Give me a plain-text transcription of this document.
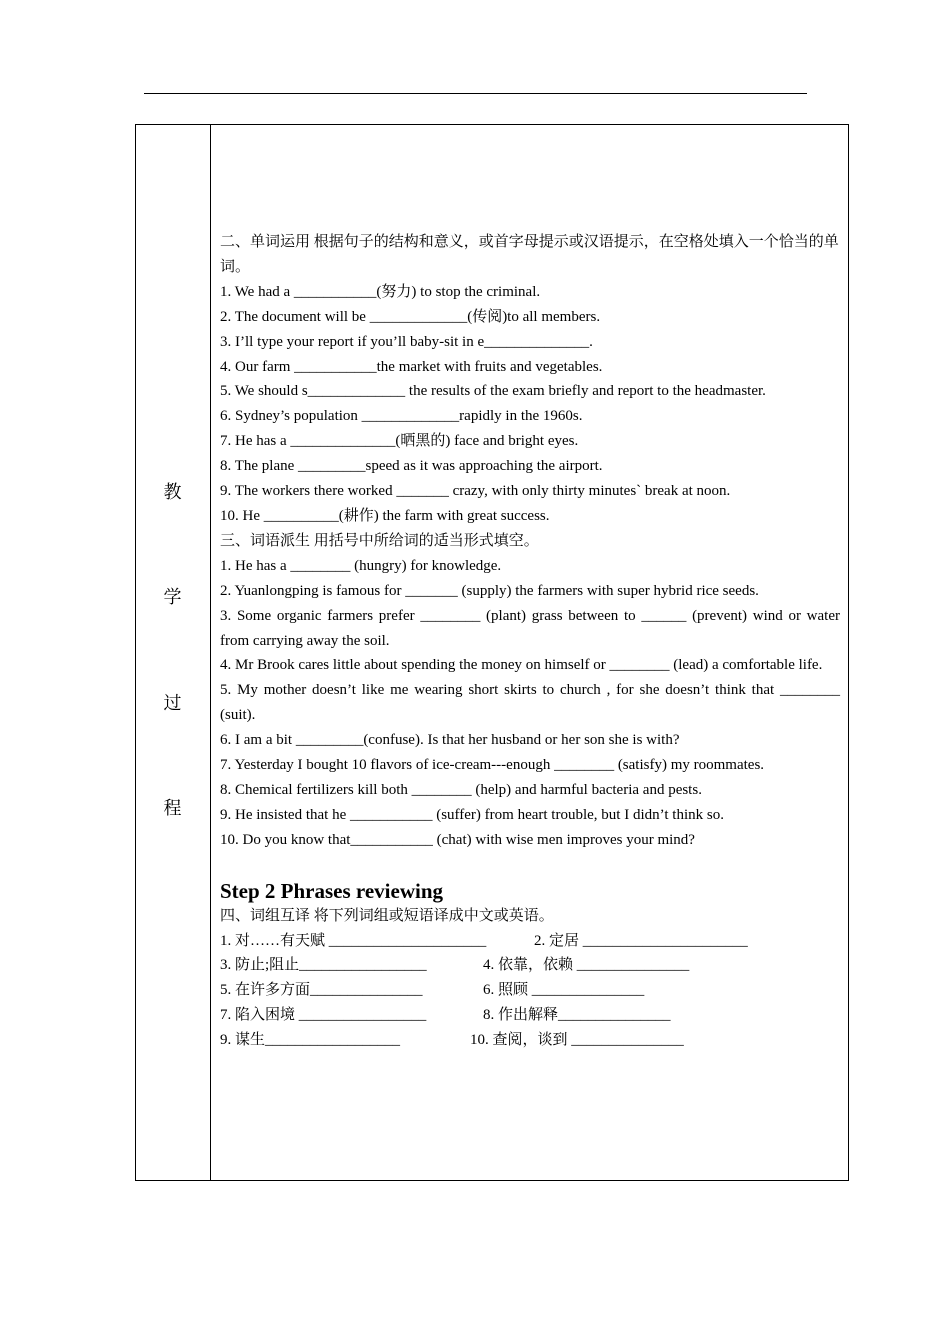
教
学
过
程

二、单词运用 根据句子的结构和意义，或首字母提示或汉语提示，在空格处填入一个恰当的单词。

1. We had a ___________(努力) to stop the criminal.

2. The document will be _____________(传阅)to all members.

3. I’ll type your report if you’ll baby-sit in e______________.

4. Our farm ___________the market with fruits and vegetables.

5. We should s_____________ the results of the exam briefly and report to the headmaster.

6. Sydney’s population _____________rapidly in the 1960s.

7. He has a ______________(晒黑的) face and bright eyes.

8. The plane _________speed as it was approaching the airport.

9. The workers there worked _______ crazy, with only thirty minutes` break at noon.

10. He __________(耕作) the farm with great success.

三、词语派生 用括号中所给词的适当形式填空。

1. He has a ________ (hungry) for knowledge.

2. Yuanlongping is famous for _______ (supply) the farmers with super hybrid rice seeds.

3. Some organic farmers prefer ________ (plant) grass between to ______ (prevent) wind or water from carrying away the soil.

4. Mr Brook cares little about spending the money on himself or ________ (lead) a comfortable life.

5. My mother doesn’t like me wearing short skirts to church , for she doesn’t think that ________ (suit).

6. I am a bit _________(confuse). Is that her husband or her son she is with?

7. Yesterday I bought 10 flavors of ice-cream---enough ________ (satisfy) my roommates.

8. Chemical fertilizers kill both ________ (help) and harmful bacteria and pests.

9. He insisted that he ___________ (suffer) from heart trouble, but I didn’t think so.

10. Do you know that___________ (chat) with wise men improves your mind?

Step 2 Phrases reviewing

四、词组互译 将下列词组或短语译成中文或英语。

1. 对……有天赋 _____________________	2. 定居 ______________________
3. 防止;阻止_________________	4. 依靠，依赖 _______________
5. 在许多方面_______________	6. 照顾 _______________
7. 陷入困境 _________________	8. 作出解释_______________
9. 谋生__________________	10. 查阅，谈到 _______________
